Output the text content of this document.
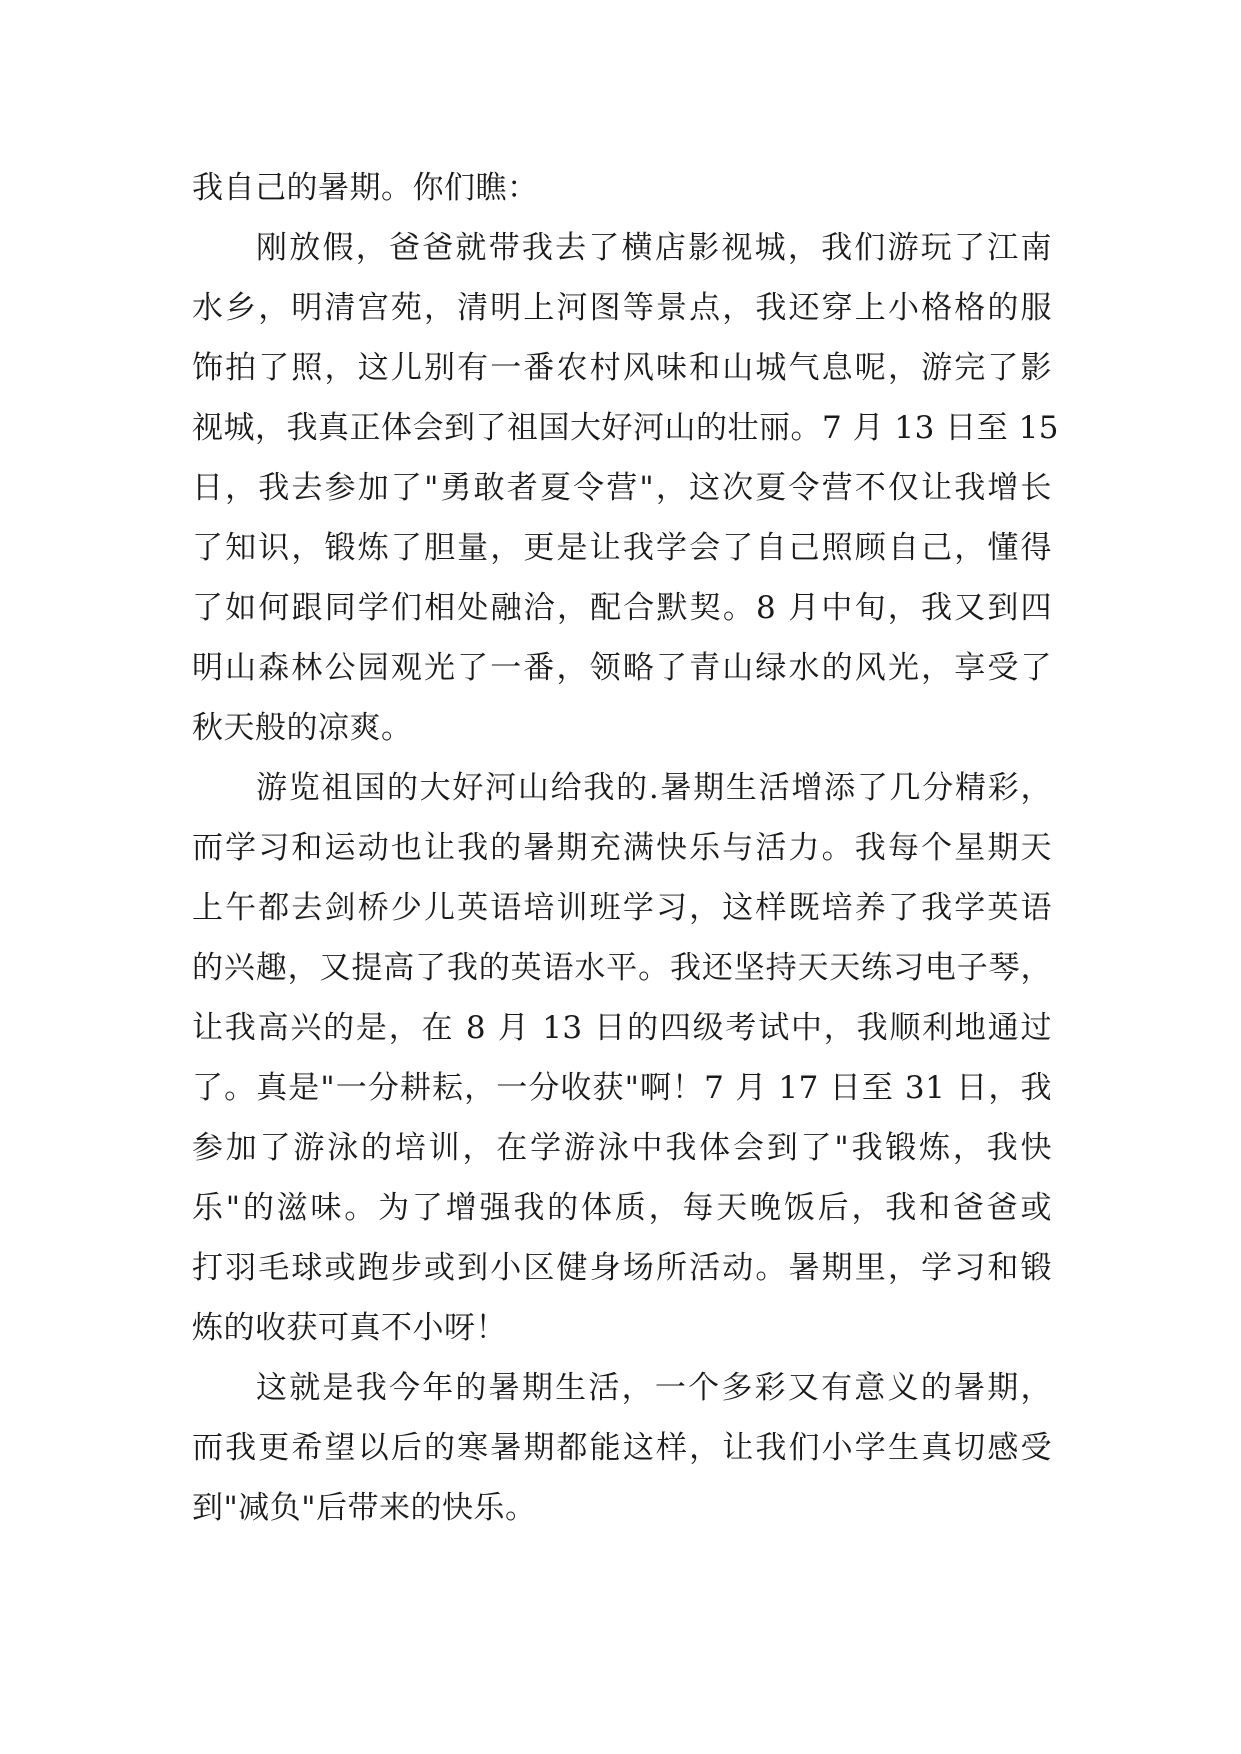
我自己的暑期。你们瞧：
刚放假，爸爸就带我去了横店影视城，我们游玩了江南
水乡，明清宫苑，清明上河图等景点，我还穿上小格格的服
饰拍了照，这儿别有一番农村风味和山城气息呢，游完了影
视城，我真正体会到了祖国大好河山的壮丽。7 月 13 日至 15
日，我去参加了"勇敢者夏令营"，这次夏令营不仅让我增长
了知识，锻炼了胆量，更是让我学会了自己照顾自己，懂得
了如何跟同学们相处融洽，配合默契。8 月中旬，我又到四
明山森林公园观光了一番，领略了青山绿水的风光，享受了
秋天般的凉爽。
游览祖国的大好河山给我的.暑期生活增添了几分精彩，
而学习和运动也让我的暑期充满快乐与活力。我每个星期天
上午都去剑桥少儿英语培训班学习，这样既培养了我学英语
的兴趣，又提高了我的英语水平。我还坚持天天练习电子琴，
让我高兴的是，在 8 月 13 日的四级考试中，我顺利地通过
了。真是"一分耕耘，一分收获"啊！7 月 17 日至 31 日，我
参加了游泳的培训，在学游泳中我体会到了"我锻炼，我快
乐"的滋味。为了增强我的体质，每天晚饭后，我和爸爸或
打羽毛球或跑步或到小区健身场所活动。暑期里，学习和锻
炼的收获可真不小呀！
这就是我今年的暑期生活，一个多彩又有意义的暑期，
而我更希望以后的寒暑期都能这样，让我们小学生真切感受
到"减负"后带来的快乐。
